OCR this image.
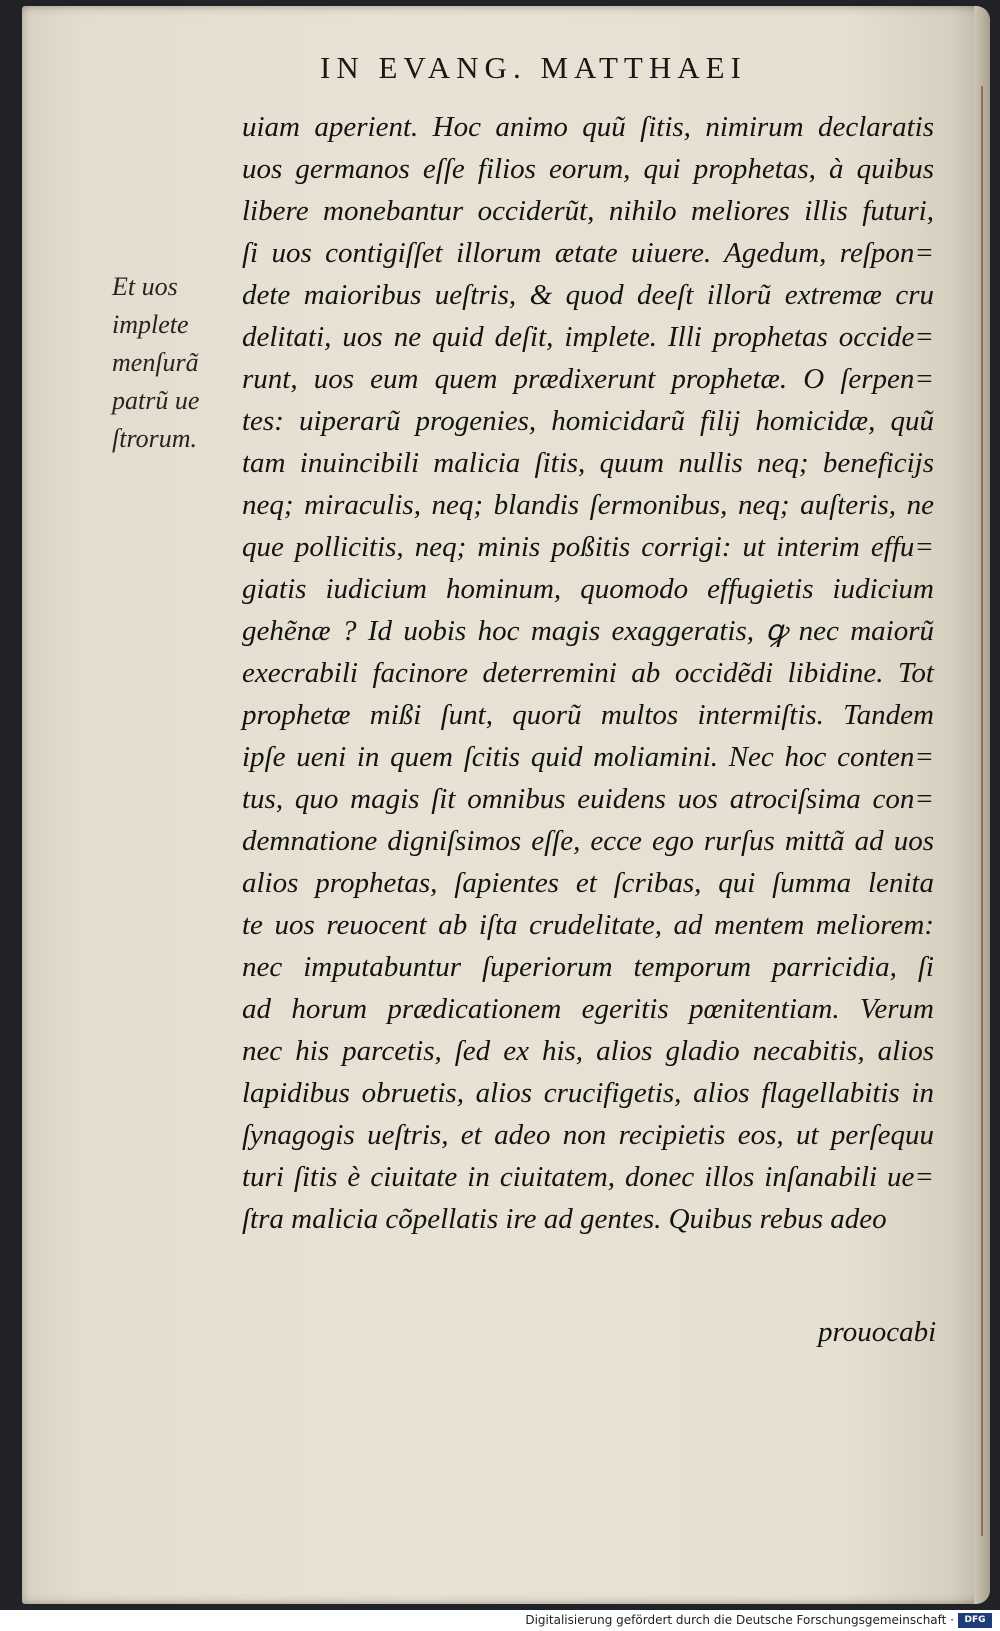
IN EVANG. MATTHAEI
Et uos
implete
menſurã
patrũ ue
ſtrorum.
uiam aperient. Hoc animo quũ ſitis, nimirum declaratis
uos germanos eſſe filios eorum, qui prophetas, à quibus
libere monebantur occiderũt, nihilo meliores illis futuri,
ſi uos contigiſſet illorum ætate uiuere. Agedum, reſpon=
dete maioribus ueſtris, & quod deeſt illorũ extremæ cru
delitati, uos ne quid deſit, implete. Illi prophetas occide=
runt, uos eum quem prædixerunt prophetæ. O ſerpen=
tes: uiperarũ progenies, homicidarũ filij homicidæ, quũ
tam inuincibili malicia ſitis, quum nullis neq; beneficijs
neq; miraculis, neq; blandis ſermonibus, neq; auſteris, ne
que pollicitis, neq; minis poßitis corrigi: ut interim effu=
giatis iudicium hominum, quomodo effugietis iudicium
gehẽnæ ? Id uobis hoc magis exaggeratis, ꝙ nec maiorũ
execrabili facinore deterremini ab occidẽdi libidine. Tot
prophetæ mißi ſunt, quorũ multos intermiſtis. Tandem
ipſe ueni in quem ſcitis quid moliamini. Nec hoc conten=
tus, quo magis ſit omnibus euidens uos atrociſsima con=
demnatione digniſsimos eſſe, ecce ego rurſus mittã ad uos
alios prophetas, ſapientes et ſcribas, qui ſumma lenita
te uos reuocent ab iſta crudelitate, ad mentem meliorem:
nec imputabuntur ſuperiorum temporum parricidia, ſi
ad horum prædicationem egeritis pœnitentiam. Verum
nec his parcetis, ſed ex his, alios gladio necabitis, alios
lapidibus obruetis, alios crucifigetis, alios flagellabitis in
ſynagogis ueſtris, et adeo non recipietis eos, ut perſequu
turi ſitis è ciuitate in ciuitatem, donec illos inſanabili ue=
ſtra malicia cõpellatis ire ad gentes. Quibus rebus adeo
prouocabi
Digitalisierung gefördert durch die Deutsche Forschungsgemeinschaft ·	DFG
